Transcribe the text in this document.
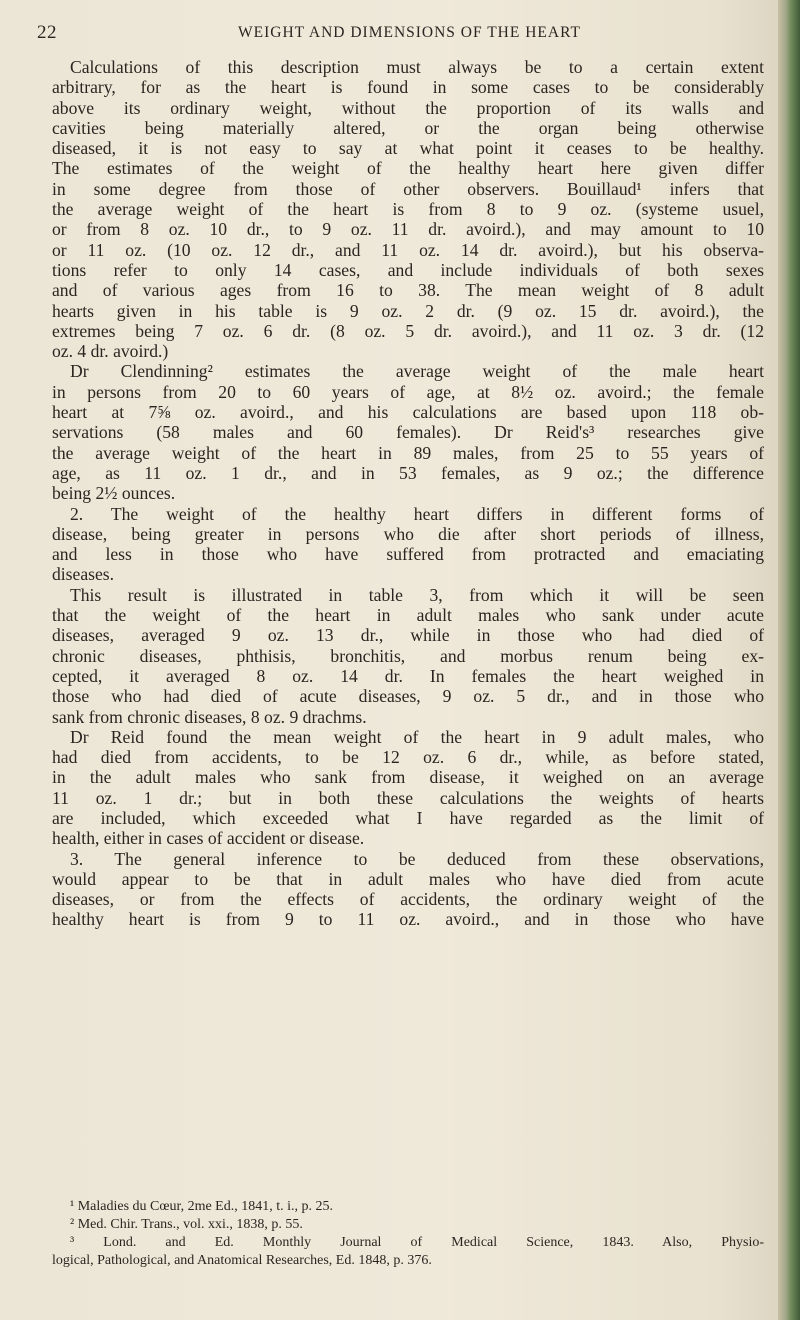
22	WEIGHT AND DIMENSIONS OF THE HEART
Calculations of this description must always be to a certain extent
arbitrary, for as the heart is found in some cases to be considerably
above its ordinary weight, without the proportion of its walls and
cavities being materially altered, or the organ being otherwise
diseased, it is not easy to say at what point it ceases to be healthy.
The estimates of the weight of the healthy heart here given differ
in some degree from those of other observers. Bouillaud¹ infers that
the average weight of the heart is from 8 to 9 oz. (systeme usuel,
or from 8 oz. 10 dr., to 9 oz. 11 dr. avoird.), and may amount to 10
or 11 oz. (10 oz. 12 dr., and 11 oz. 14 dr. avoird.), but his observa-
tions refer to only 14 cases, and include individuals of both sexes
and of various ages from 16 to 38. The mean weight of 8 adult
hearts given in his table is 9 oz. 2 dr. (9 oz. 15 dr. avoird.), the
extremes being 7 oz. 6 dr. (8 oz. 5 dr. avoird.), and 11 oz. 3 dr. (12
oz. 4 dr. avoird.)
Dr Clendinning² estimates the average weight of the male heart
in persons from 20 to 60 years of age, at 8½ oz. avoird.; the female
heart at 7⅝ oz. avoird., and his calculations are based upon 118 ob-
servations (58 males and 60 females). Dr Reid's³ researches give
the average weight of the heart in 89 males, from 25 to 55 years of
age, as 11 oz. 1 dr., and in 53 females, as 9 oz.; the difference
being 2½ ounces.
2. The weight of the healthy heart differs in different forms of
disease, being greater in persons who die after short periods of illness,
and less in those who have suffered from protracted and emaciating
diseases.
This result is illustrated in table 3, from which it will be seen
that the weight of the heart in adult males who sank under acute
diseases, averaged 9 oz. 13 dr., while in those who had died of
chronic diseases, phthisis, bronchitis, and morbus renum being ex-
cepted, it averaged 8 oz. 14 dr. In females the heart weighed in
those who had died of acute diseases, 9 oz. 5 dr., and in those who
sank from chronic diseases, 8 oz. 9 drachms.
Dr Reid found the mean weight of the heart in 9 adult males, who
had died from accidents, to be 12 oz. 6 dr., while, as before stated,
in the adult males who sank from disease, it weighed on an average
11 oz. 1 dr.; but in both these calculations the weights of hearts
are included, which exceeded what I have regarded as the limit of
health, either in cases of accident or disease.
3. The general inference to be deduced from these observations,
would appear to be that in adult males who have died from acute
diseases, or from the effects of accidents, the ordinary weight of the
healthy heart is from 9 to 11 oz. avoird., and in those who have
¹ Maladies du Cœur, 2me Ed., 1841, t. i., p. 25.
² Med. Chir. Trans., vol. xxi., 1838, p. 55.
³ Lond. and Ed. Monthly Journal of Medical Science, 1843. Also, Physio-
logical, Pathological, and Anatomical Researches, Ed. 1848, p. 376.
